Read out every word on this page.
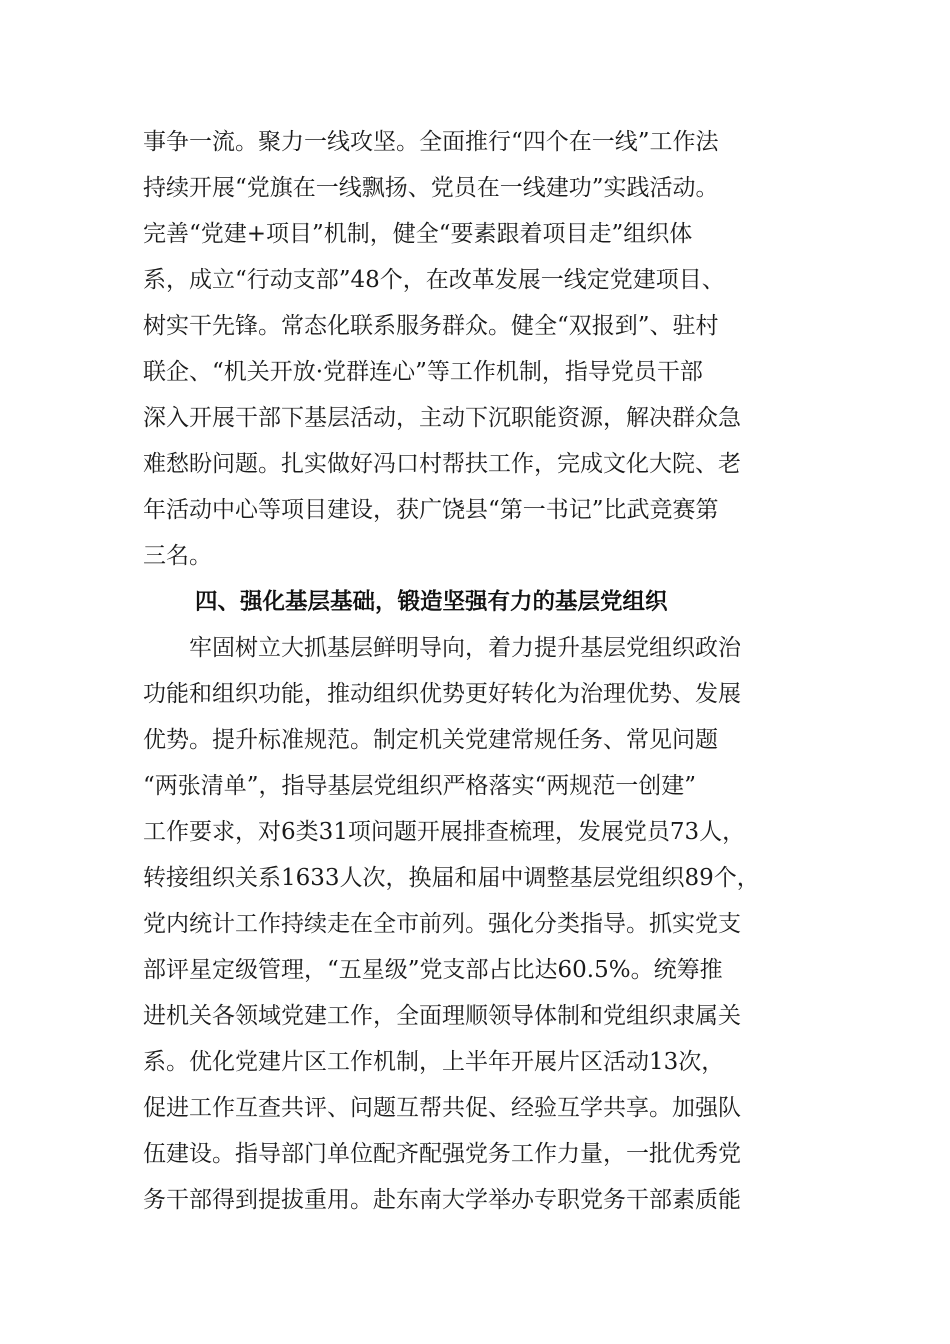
事争一流。聚力一线攻坚。全面推行“四个在一线”工作法
持续开展“党旗在一线飘扬、党员在一线建功”实践活动。
完善“党建+项目”机制，健全“要素跟着项目走”组织体
系，成立“行动支部”48个，在改革发展一线定党建项目、
树实干先锋。常态化联系服务群众。健全“双报到”、驻村
联企、“机关开放·党群连心”等工作机制，指导党员干部
深入开展干部下基层活动，主动下沉职能资源，解决群众急
难愁盼问题。扎实做好冯口村帮扶工作，完成文化大院、老
年活动中心等项目建设，获广饶县“第一书记”比武竞赛第
三名。
四、强化基层基础，锻造坚强有力的基层党组织
　　牢固树立大抓基层鲜明导向，着力提升基层党组织政治
功能和组织功能，推动组织优势更好转化为治理优势、发展
优势。提升标准规范。制定机关党建常规任务、常见问题
“两张清单”，指导基层党组织严格落实“两规范一创建”
工作要求，对6类31项问题开展排查梳理，发展党员73人，
转接组织关系1633人次，换届和届中调整基层党组织89个，
党内统计工作持续走在全市前列。强化分类指导。抓实党支
部评星定级管理，“五星级”党支部占比达60.5%。统筹推
进机关各领域党建工作，全面理顺领导体制和党组织隶属关
系。优化党建片区工作机制，上半年开展片区活动13次，
促进工作互查共评、问题互帮共促、经验互学共享。加强队
伍建设。指导部门单位配齐配强党务工作力量，一批优秀党
务干部得到提拔重用。赴东南大学举办专职党务干部素质能
